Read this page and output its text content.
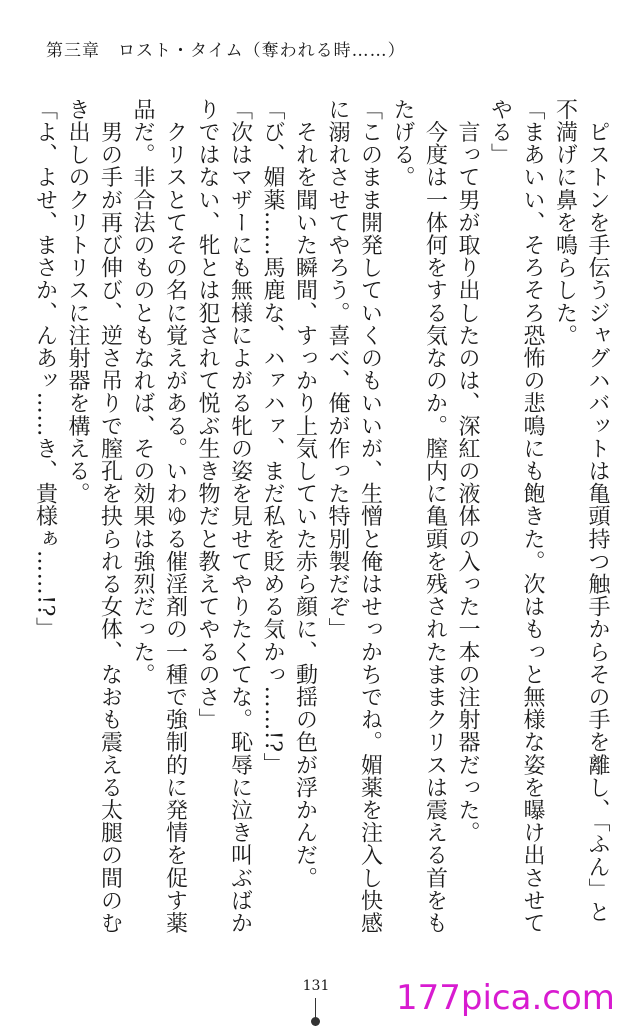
第三章　ロスト・タイム（奪われる時……）

　ピストンを手伝うジャグハバットは亀頭持つ触手からその手を離し、「ふん」と不満げに鼻を鳴らした。

「まあいい、そろそろ恐怖の悲鳴にも飽きた。次はもっと無様な姿を曝け出させてやる」

　言って男が取り出したのは、深紅の液体の入った一本の注射器だった。

　今度は一体何をする気なのか。膣内に亀頭を残されたままクリスは震える首をもたげる。

「このまま開発していくのもいいが、生憎と俺はせっかちでね。媚薬を注入し快感に溺れさせてやろう。喜べ、俺が作った特別製だぞ」

　それを聞いた瞬間、すっかり上気していた赤ら顔に、動揺の色が浮かんだ。

「び、媚薬……馬鹿な、ハァハァ、まだ私を貶める気かっ……!?」

「次はマザーにも無様によがる牝の姿を見せてやりたくてな。恥辱に泣き叫ぶばかりではない、牝とは犯されて悦ぶ生き物だと教えてやるのさ」

　クリスとてその名に覚えがある。いわゆる催淫剤の一種で強制的に発情を促す薬品だ。非合法のものともなれば、その効果は強烈だった。

　男の手が再び伸び、逆さ吊りで膣孔を抉られる女体、なおも震える太腿の間のむき出しのクリトリスに注射器を構える。

「よ、よせ、まさか、んあッ……き、貴様ぁ……!?」

131 177pica.com
